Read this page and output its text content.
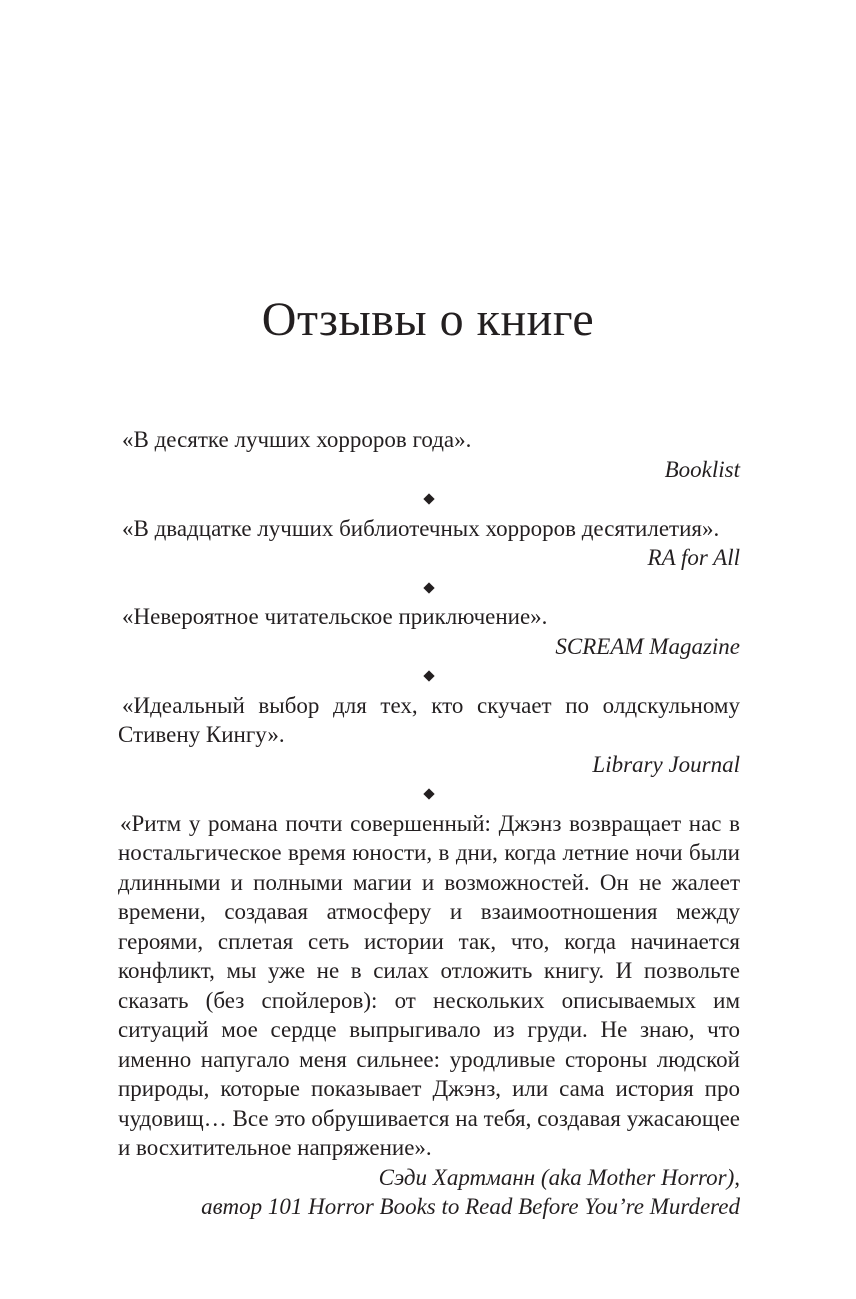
Отзывы о книге

«В десятке лучших хорроров года».

Booklist

«В двадцатке лучших библиотечных хорроров десятилетия».

RA for All

«Невероятное читательское приключение».

SCREAM Magazine

«Идеальный выбор для тех, кто скучает по олдскульному Стивену Кингу».

Library Journal

«Ритм у романа почти совершенный: Джэнз возвращает нас в ностальгическое время юности, в дни, когда летние ночи были длинными и полными магии и возможностей. Он не жалеет времени, создавая атмосферу и взаимоотношения между героями, сплетая сеть истории так, что, когда начинается конфликт, мы уже не в силах отложить книгу. И позвольте сказать (без спойлеров): от нескольких описываемых им ситуаций мое сердце выпрыгивало из груди. Не знаю, что именно напугало меня сильнее: уродливые стороны людской природы, которые показывает Джэнз, или сама история про чудовищ… Все это обрушивается на тебя, создавая ужасающее и восхитительное напряжение».

Сэди Хартманн (aka Mother Horror),

автор 101 Horror Books to Read Before You’re Murdered
